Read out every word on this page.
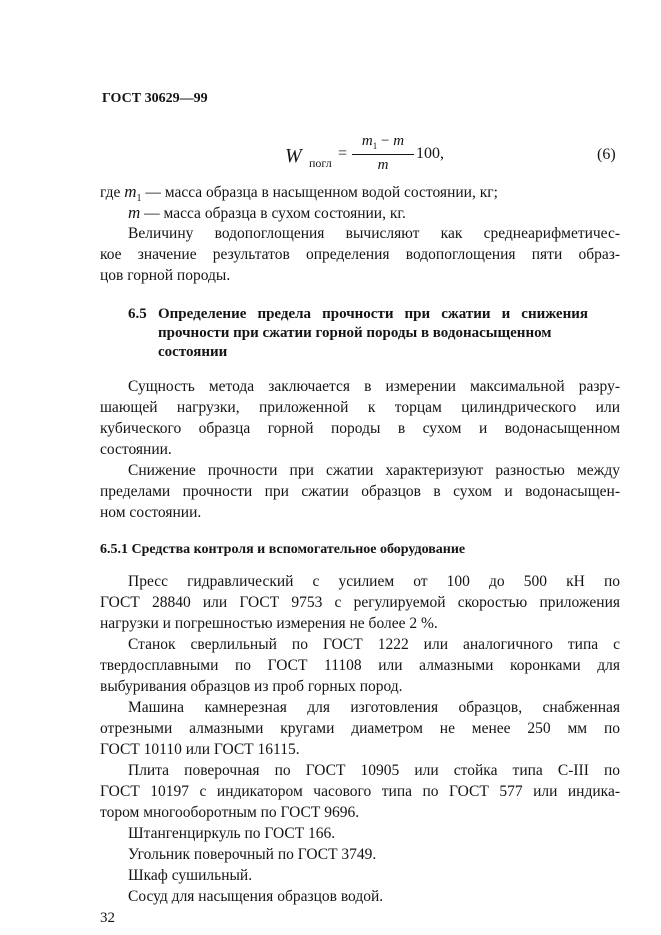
ГОСТ 30629—99
W погл
=
$m_1 - m$
m
100,	(6)
где $m_1$ — масса образца в насыщенном водой состоянии, кг;
m — масса образца в сухом состоянии, кг.
Величину водопоглощения вычисляют как среднеарифметичес-
кое значение результатов определения водопоглощения пяти образ-
цов горной породы.
6.5 Определение предела прочности при сжатии и снижения
прочности при сжатии горной породы в водонасыщенном
состоянии
Сущность метода заключается в измерении максимальной разру-
шающей нагрузки, приложенной к торцам цилиндрического или
кубического образца горной породы в сухом и водонасыщенном
состоянии.
Снижение прочности при сжатии характеризуют разностью между
пределами прочности при сжатии образцов в сухом и водонасыщен-
ном состоянии.
6.5.1 Средства контроля и вспомогательное оборудование
Пресс гидравлический с усилием от 100 до 500 кН по
ГОСТ 28840 или ГОСТ 9753 с регулируемой скоростью приложения
нагрузки и погрешностью измерения не более 2 %.
Станок сверлильный по ГОСТ 1222 или аналогичного типа с
твердосплавными по ГОСТ 11108 или алмазными коронками для
выбуривания образцов из проб горных пород.
Машина камнерезная для изготовления образцов, снабженная
отрезными алмазными кругами диаметром не менее 250 мм по
ГОСТ 10110 или ГОСТ 16115.
Плита поверочная по ГОСТ 10905 или стойка типа С-III по
ГОСТ 10197 с индикатором часового типа по ГОСТ 577 или индика-
тором многооборотным по ГОСТ 9696.
Штангенциркуль по ГОСТ 166.
Угольник поверочный по ГОСТ 3749.
Шкаф сушильный.
Сосуд для насыщения образцов водой.
32
